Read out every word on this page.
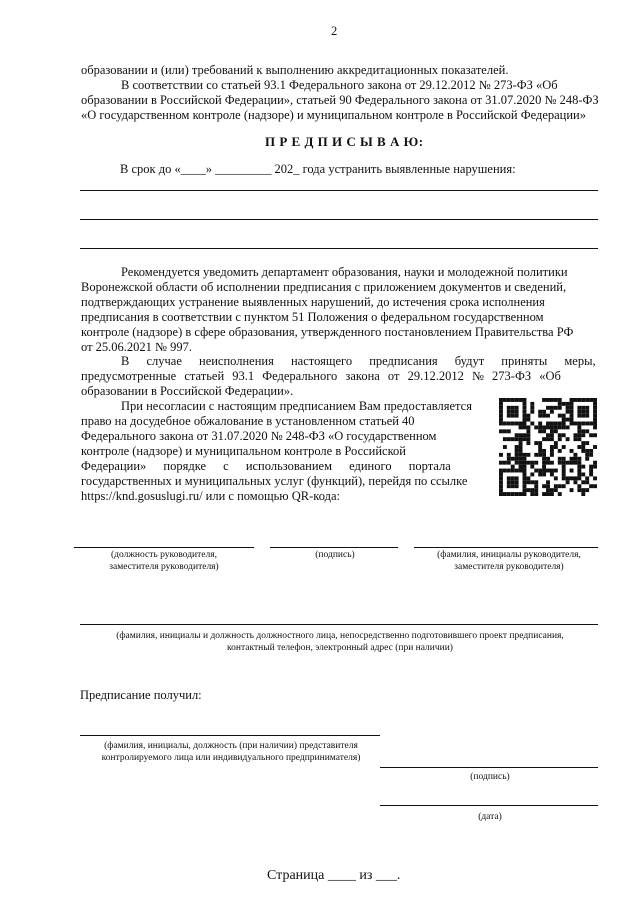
2
образовании и (или) требований к выполнению аккредитационных показателей.
В соответствии со статьей 93.1 Федерального закона от 29.12.2012 № 273-ФЗ «Об
образовании в Российской Федерации», статьей 90 Федерального закона от 31.07.2020 № 248-ФЗ
«О государственном контроле (надзоре) и муниципальном контроле в Российской Федерации»
П Р Е Д П И С Ы В А Ю:
В срок до «____» _________ 202_ года устранить выявленные нарушения:
Рекомендуется уведомить департамент образования, науки и молодежной политики
Воронежской области об исполнении предписания с приложением документов и сведений,
подтверждающих устранение выявленных нарушений, до истечения срока исполнения
предписания в соответствии с пунктом 51 Положения о федеральном государственном
контроле (надзоре) в сфере образования, утвержденного постановлением Правительства РФ
от 25.06.2021 № 997.
В случае неисполнения настоящего предписания будут приняты меры,
предусмотренные статьей 93.1 Федерального закона от 29.12.2012 № 273-ФЗ «Об
образовании в Российской Федерации».
При несогласии с настоящим предписанием Вам предоставляется
право на досудебное обжалование в установленном статьей 40
Федерального закона от 31.07.2020 № 248-ФЗ «О государственном
контроле (надзоре) и муниципальном контроле в Российской
Федерации» порядке с использованием единого портала
государственных и муниципальных услуг (функций), перейдя по ссылке
https://knd.gosuslugi.ru/ или с помощью QR-кода:
(должность руководителя,
заместителя руководителя)
(подпись)	(фамилия, инициалы руководителя,
заместителя руководителя)
(фамилия, инициалы и должность должностного лица, непосредственно подготовившего проект предписания,
контактный телефон, электронный адрес (при наличии)
Предписание получил:
(фамилия, инициалы, должность (при наличии) представителя
контролируемого лица или индивидуального предпринимателя)
(подпись)
(дата)
Страница ____ из ___.
